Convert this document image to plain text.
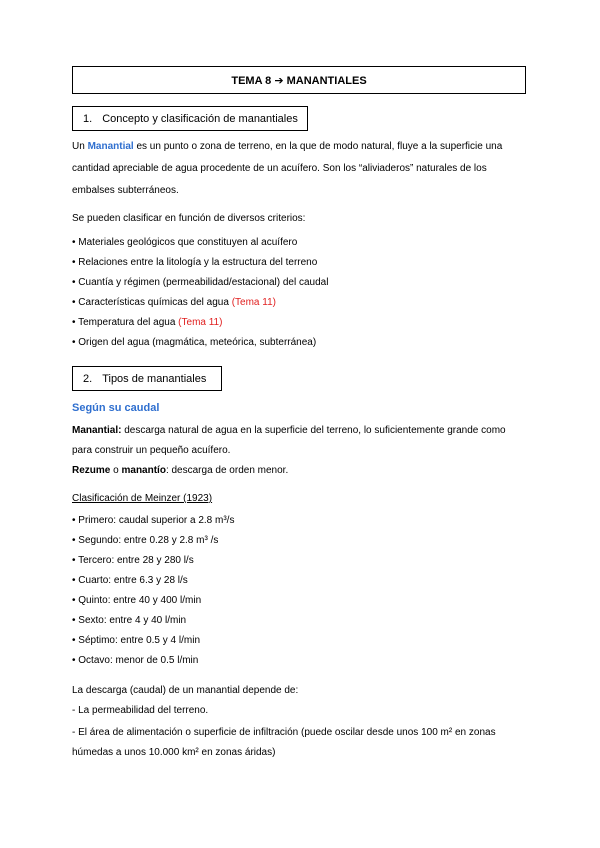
TEMA 8 ➔ MANANTIALES
1. Concepto y clasificación de manantiales
Un Manantial es un punto o zona de terreno, en la que de modo natural, fluye a la superficie una
cantidad apreciable de agua procedente de un acuífero. Son los “aliviaderos” naturales de los
embalses subterráneos.
Se pueden clasificar en función de diversos criterios:
• Materiales geológicos que constituyen al acuífero
• Relaciones entre la litología y la estructura del terreno
• Cuantía y régimen (permeabilidad/estacional) del caudal
• Características químicas del agua (Tema 11)
• Temperatura del agua (Tema 11)
• Origen del agua (magmática, meteórica, subterránea)
2. Tipos de manantiales
Según su caudal
Manantial: descarga natural de agua en la superficie del terreno, lo suficientemente grande como
para construir un pequeño acuífero.
Rezume o manantío: descarga de orden menor.
Clasificación de Meinzer (1923)
• Primero: caudal superior a 2.8 m³/s
• Segundo: entre 0.28 y 2.8 m³ /s
• Tercero: entre 28 y 280 l/s
• Cuarto: entre 6.3 y 28 l/s
• Quinto: entre 40 y 400 l/min
• Sexto: entre 4 y 40 l/min
• Séptimo: entre 0.5 y 4 l/min
• Octavo: menor de 0.5 l/min
La descarga (caudal) de un manantial depende de:
- La permeabilidad del terreno.
- El área de alimentación o superficie de infiltración (puede oscilar desde unos 100 m² en zonas
húmedas a unos 10.000 km² en zonas áridas)
